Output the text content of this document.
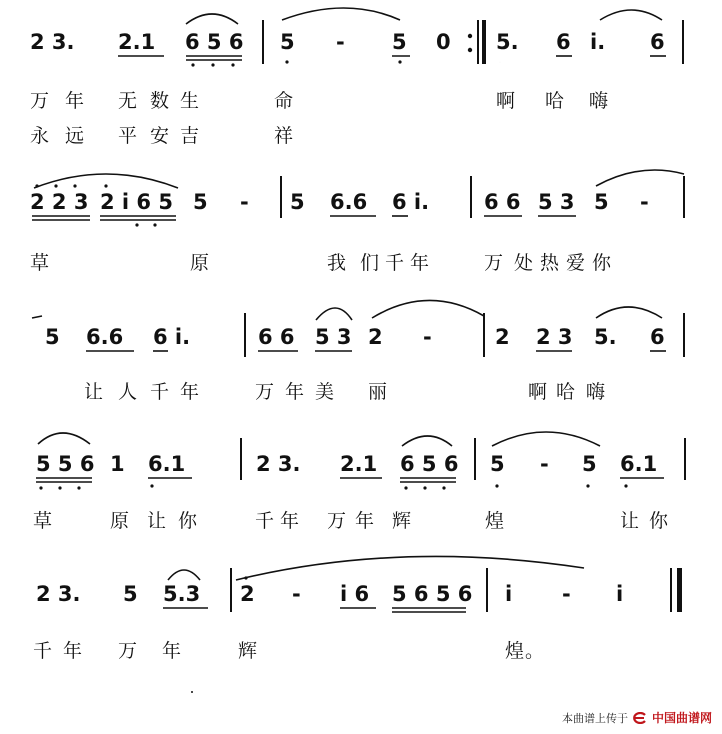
2 3. 2.1 6 5 6 5 - 5 0 5. 6 i. 6
万 年 无 数 生	命	啊 哈 嗨
永 远 平 安 吉	祥
2 2 3 2 i 6 5 5 - 5 6.6 6 i.	6 6 5 3 5 -
草	原	我 们 千 年	万 处 热 爱 你
5 6.6 6 i.	6 6 5 3 2 -	2 2 3 5. 6
让 人 千 年	万 年 美 丽	啊 哈 嗨
5 5 6 1 6.1	2 3. 2.1 6 5 6 5 - 5 6.1
草	原 让 你	千 年 万 年 辉	煌	让 你
2 3. 5 5.3 2 - i 6 5 6 5 6 i - i
千 年 万 年	辉	煌。
本曲谱上传于 中国曲谱网
